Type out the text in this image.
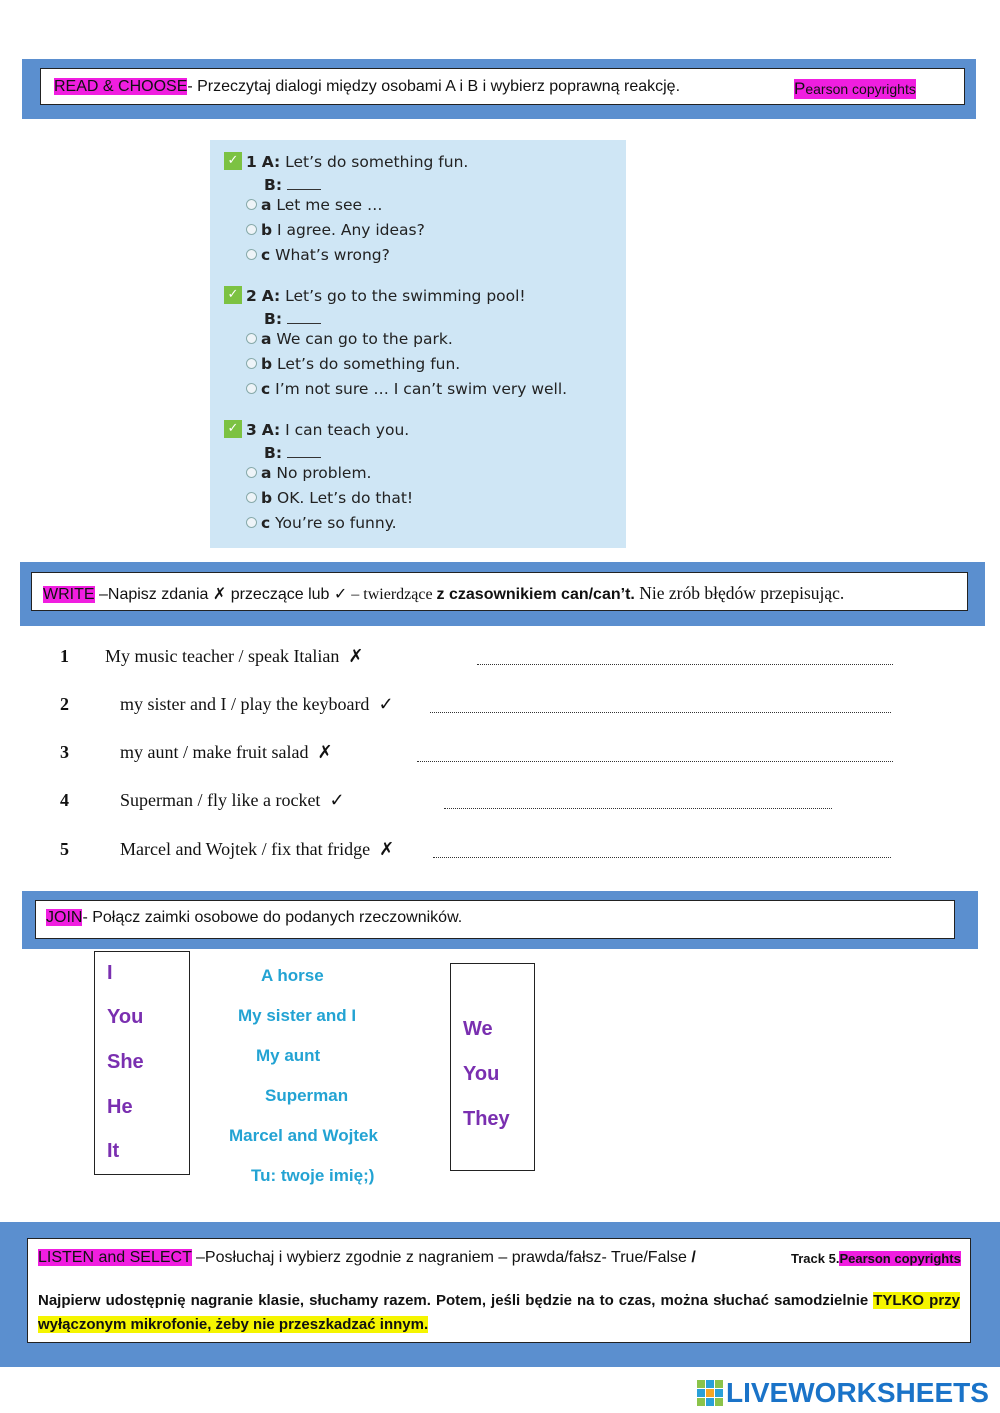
READ & CHOOSE- Przeczytaj dialogi między osobami A i B i wybierz poprawną reakcję.	Pearson copyrights
✓ 1 A: Let’s do something fun.
B:
a Let me see …
b I agree. Any ideas?
c What’s wrong?
✓ 2 A: Let’s go to the swimming pool!
B:
a We can go to the park.
b Let’s do something fun.
c I’m not sure … I can’t swim very well.
✓ 3 A: I can teach you.
B:
a No problem.
b OK. Let’s do that!
c You’re so funny.
WRITE –Napisz zdania ✗ przeczące lub ✓ – twierdzące z czasownikiem can/can’t. Nie zrób błędów przepisując.
1 My music teacher / speak Italian ✗
2	my sister and I / play the keyboard ✓
3	my aunt / make fruit salad ✗
4	Superman / fly like a rocket ✓
5	Marcel and Wojtek / fix that fridge ✗
JOIN- Połącz zaimki osobowe do podanych rzeczowników.
I
You
She
He
It
A horse
My sister and I
My aunt
Superman
Marcel and Wojtek
Tu: twoje imię;)
We
You
They
LISTEN and SELECT –Posłuchaj i wybierz zgodnie z nagraniem – prawda/fałsz- True/False /	Track 5.Pearson copyrights
Najpierw udostępnię nagranie klasie, słuchamy razem. Potem, jeśli będzie na to czas, można słuchać samodzielnie TYLKO przy wyłączonym mikrofonie, żeby nie przeszkadzać innym.
LIVEWORKSHEETS
